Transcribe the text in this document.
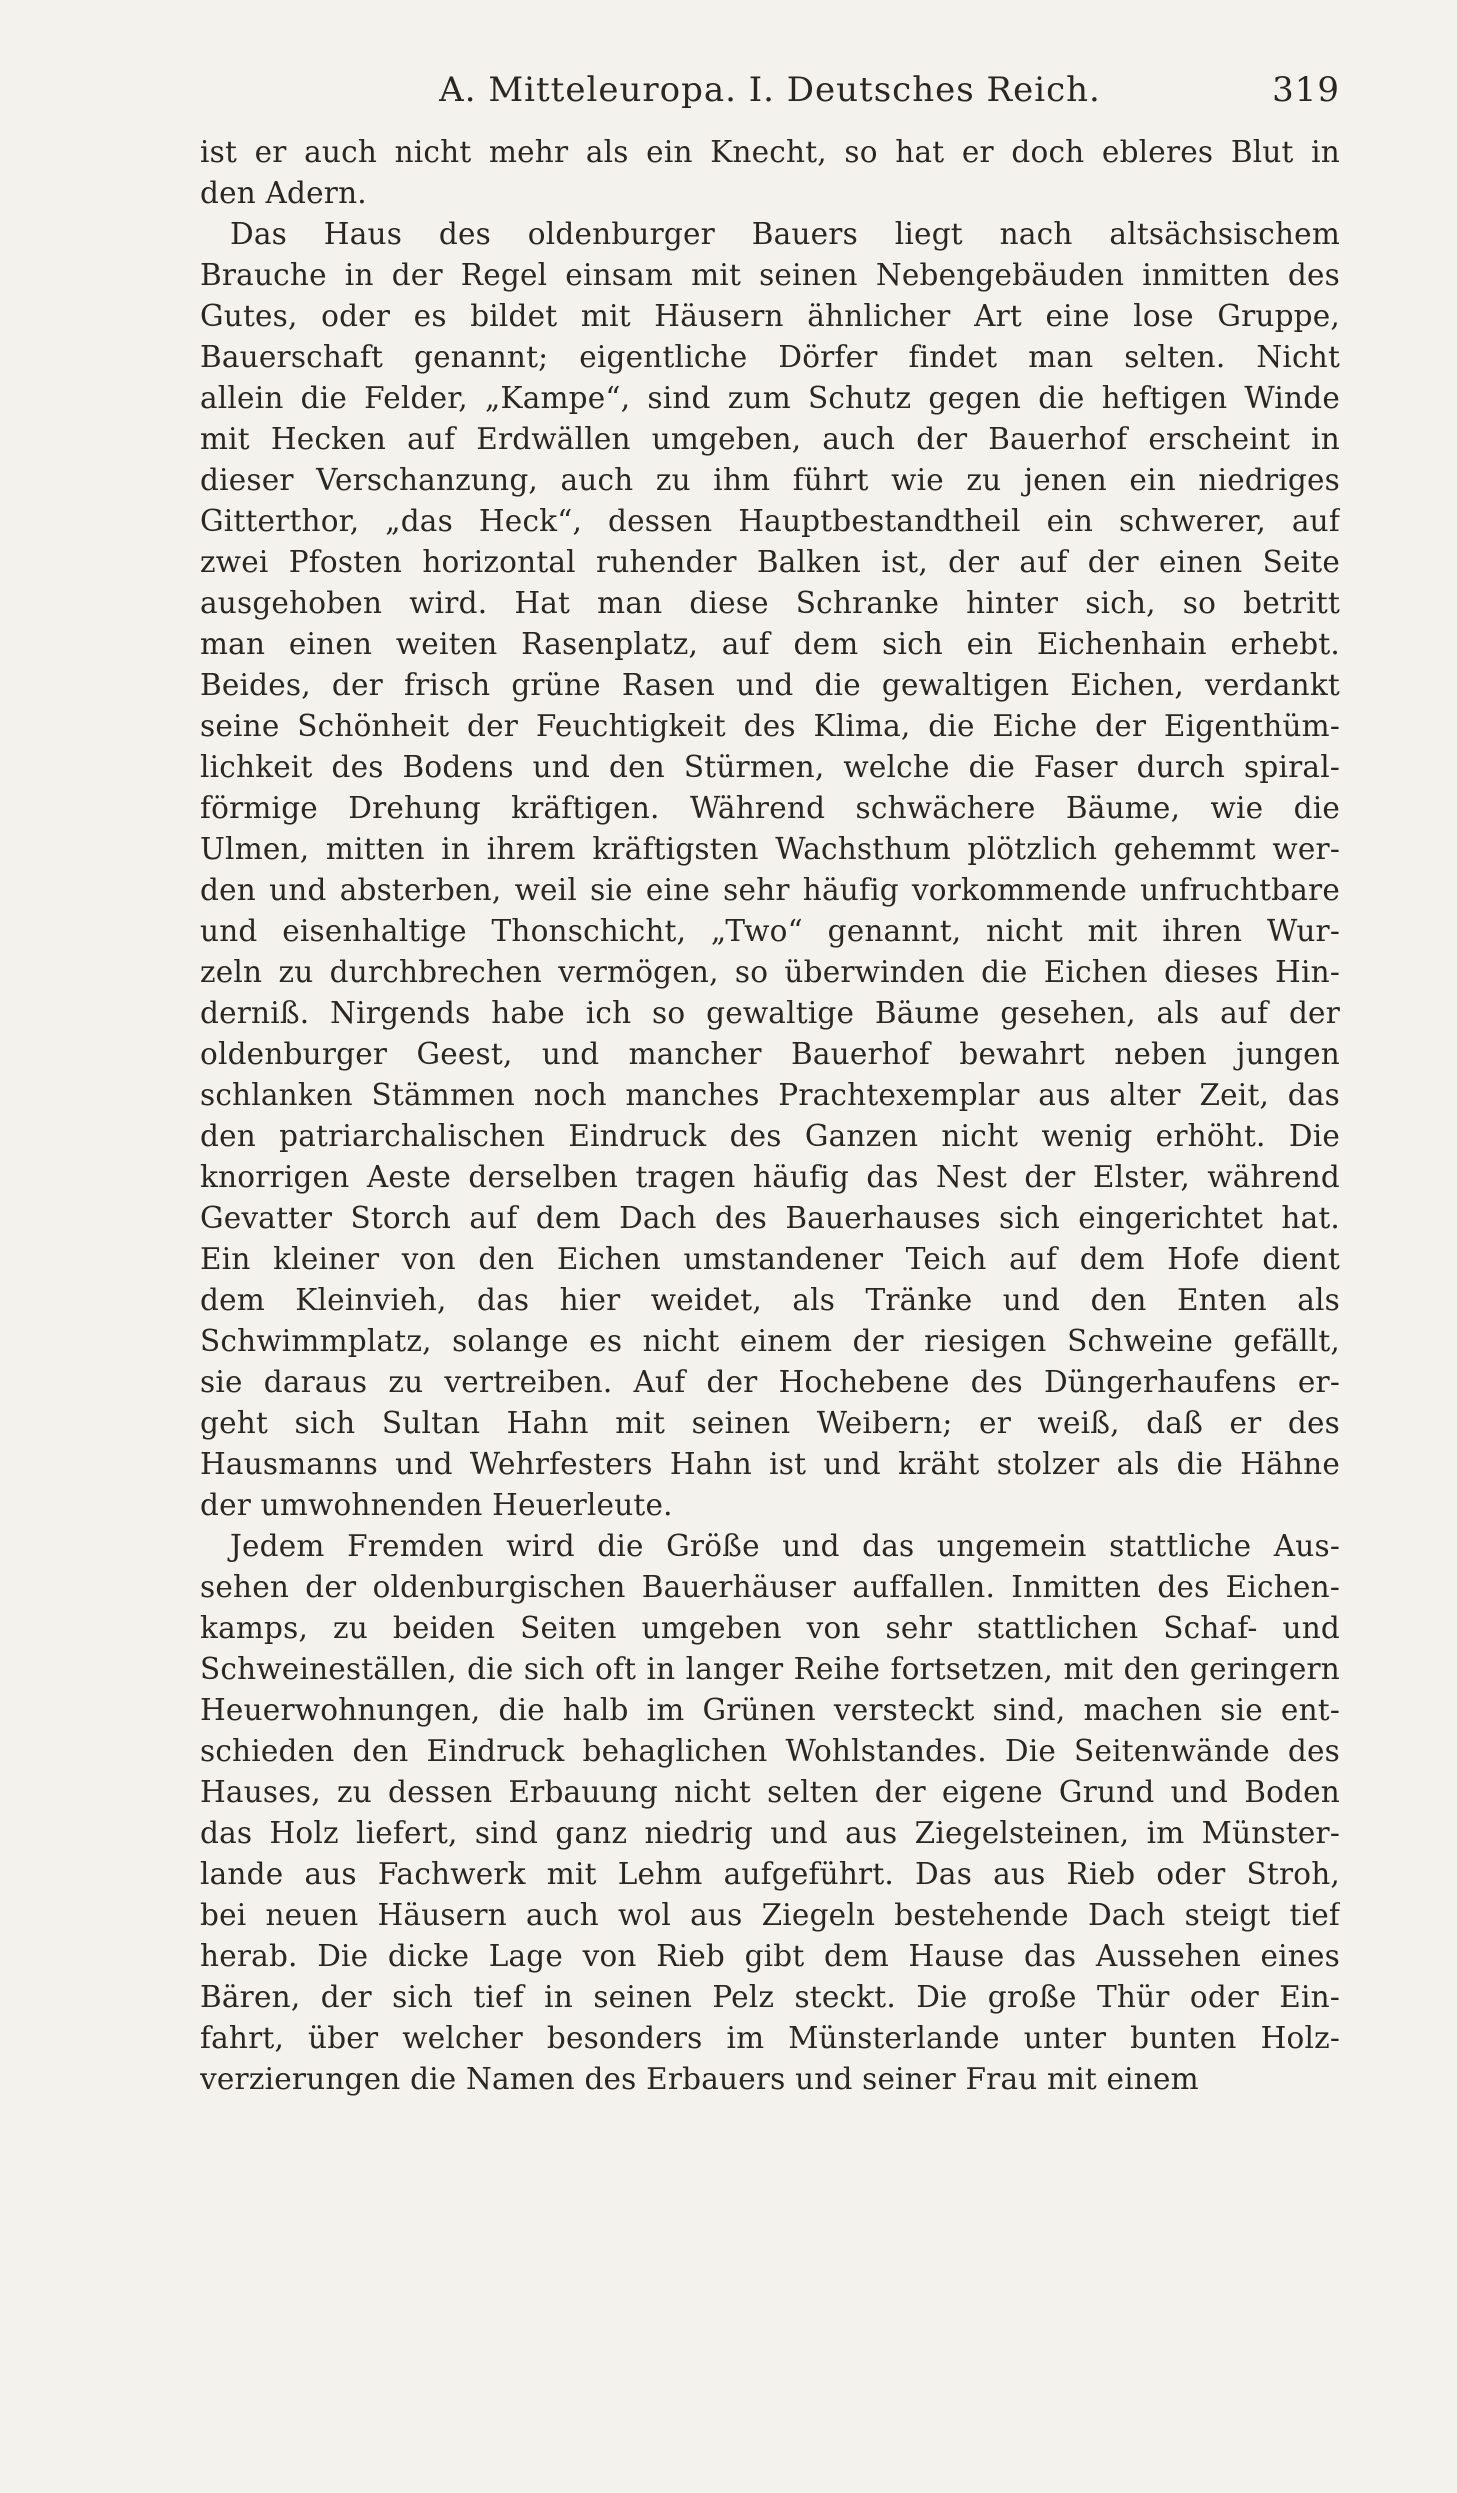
A. Mitteleuropa. I. Deutsches Reich.	319
ist er auch nicht mehr als ein Knecht, so hat er doch ebleres Blut in
den Adern.
Das Haus des oldenburger Bauers liegt nach altsächsischem
Brauche in der Regel einsam mit seinen Nebengebäuden inmitten des
Gutes, oder es bildet mit Häusern ähnlicher Art eine lose Gruppe,
Bauerschaft genannt; eigentliche Dörfer findet man selten. Nicht
allein die Felder, „Kampe“, sind zum Schutz gegen die heftigen Winde
mit Hecken auf Erdwällen umgeben, auch der Bauerhof erscheint in
dieser Verschanzung, auch zu ihm führt wie zu jenen ein niedriges
Gitterthor, „das Heck“, dessen Hauptbestandtheil ein schwerer, auf
zwei Pfosten horizontal ruhender Balken ist, der auf der einen Seite
ausgehoben wird. Hat man diese Schranke hinter sich, so betritt
man einen weiten Rasenplatz, auf dem sich ein Eichenhain erhebt.
Beides, der frisch grüne Rasen und die gewaltigen Eichen, verdankt
seine Schönheit der Feuchtigkeit des Klima, die Eiche der Eigenthüm-
lichkeit des Bodens und den Stürmen, welche die Faser durch spiral-
förmige Drehung kräftigen. Während schwächere Bäume, wie die
Ulmen, mitten in ihrem kräftigsten Wachsthum plötzlich gehemmt wer-
den und absterben, weil sie eine sehr häufig vorkommende unfruchtbare
und eisenhaltige Thonschicht, „Two“ genannt, nicht mit ihren Wur-
zeln zu durchbrechen vermögen, so überwinden die Eichen dieses Hin-
derniß. Nirgends habe ich so gewaltige Bäume gesehen, als auf der
oldenburger Geest, und mancher Bauerhof bewahrt neben jungen
schlanken Stämmen noch manches Prachtexemplar aus alter Zeit, das
den patriarchalischen Eindruck des Ganzen nicht wenig erhöht. Die
knorrigen Aeste derselben tragen häufig das Nest der Elster, während
Gevatter Storch auf dem Dach des Bauerhauses sich eingerichtet hat.
Ein kleiner von den Eichen umstandener Teich auf dem Hofe dient
dem Kleinvieh, das hier weidet, als Tränke und den Enten als
Schwimmplatz, solange es nicht einem der riesigen Schweine gefällt,
sie daraus zu vertreiben. Auf der Hochebene des Düngerhaufens er-
geht sich Sultan Hahn mit seinen Weibern; er weiß, daß er des
Hausmanns und Wehrfesters Hahn ist und kräht stolzer als die Hähne
der umwohnenden Heuerleute.
Jedem Fremden wird die Größe und das ungemein stattliche Aus-
sehen der oldenburgischen Bauerhäuser auffallen. Inmitten des Eichen-
kamps, zu beiden Seiten umgeben von sehr stattlichen Schaf- und
Schweineställen, die sich oft in langer Reihe fortsetzen, mit den geringern
Heuerwohnungen, die halb im Grünen versteckt sind, machen sie ent-
schieden den Eindruck behaglichen Wohlstandes. Die Seitenwände des
Hauses, zu dessen Erbauung nicht selten der eigene Grund und Boden
das Holz liefert, sind ganz niedrig und aus Ziegelsteinen, im Münster-
lande aus Fachwerk mit Lehm aufgeführt. Das aus Rieb oder Stroh,
bei neuen Häusern auch wol aus Ziegeln bestehende Dach steigt tief
herab. Die dicke Lage von Rieb gibt dem Hause das Aussehen eines
Bären, der sich tief in seinen Pelz steckt. Die große Thür oder Ein-
fahrt, über welcher besonders im Münsterlande unter bunten Holz-
verzierungen die Namen des Erbauers und seiner Frau mit einem
